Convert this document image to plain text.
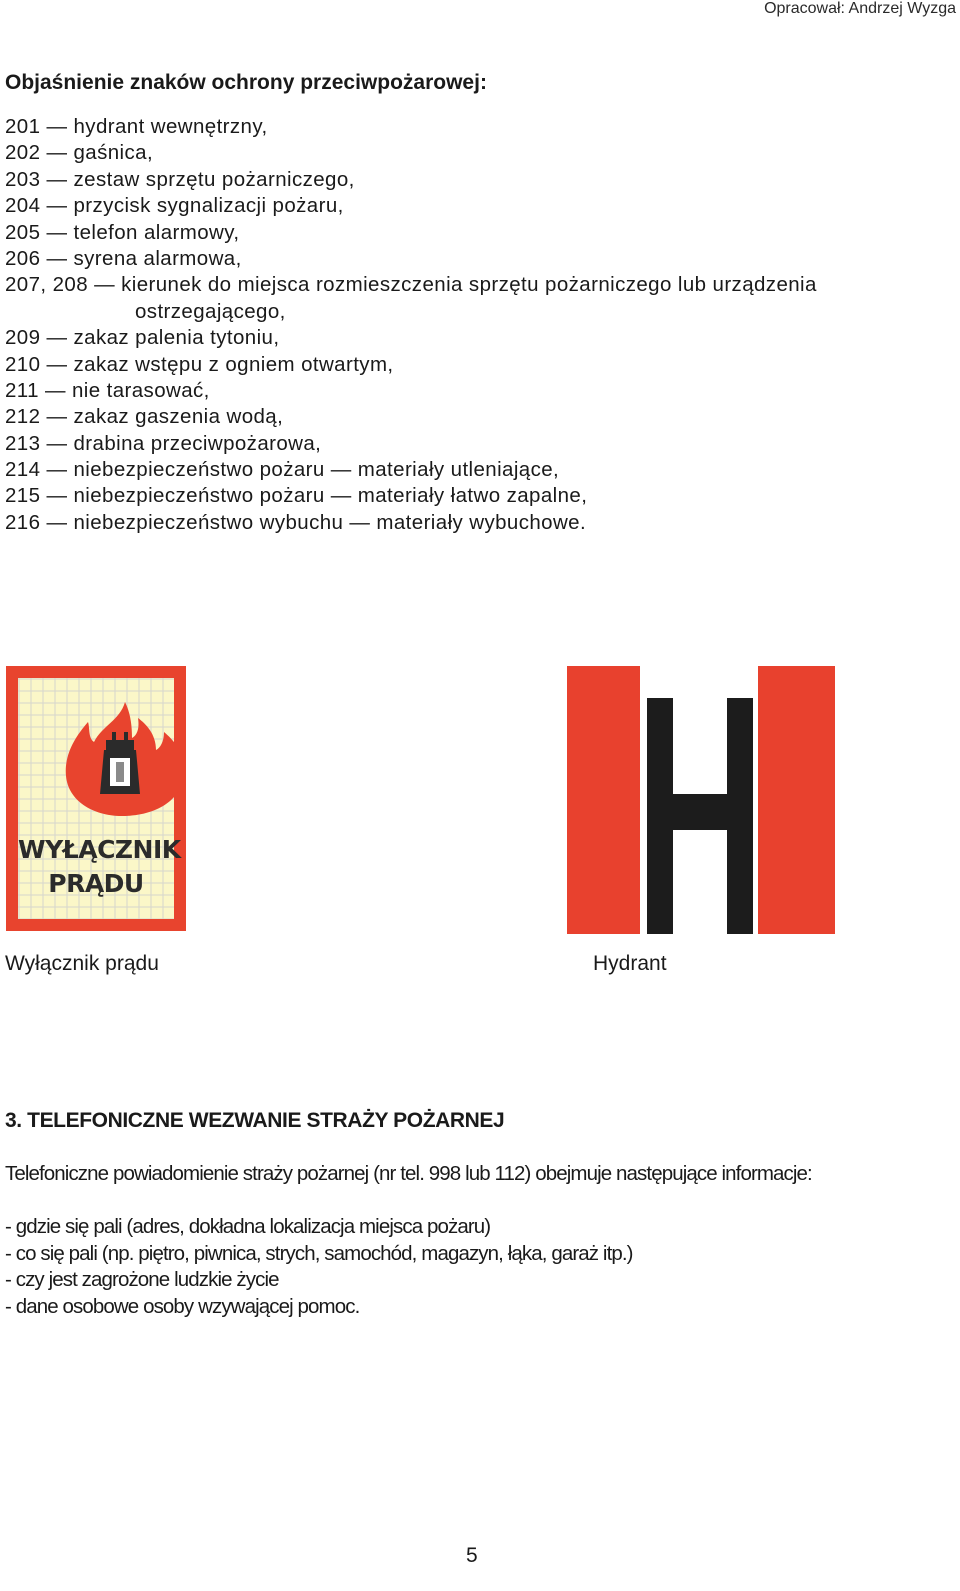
Opracował: Andrzej Wyzga
Objaśnienie znaków ochrony przeciwpożarowej:
201 — hydrant wewnętrzny,
202 — gaśnica,
203 — zestaw sprzętu pożarniczego,
204 — przycisk sygnalizacji pożaru,
205 — telefon alarmowy,
206 — syrena alarmowa,
207, 208 — kierunek do miejsca rozmieszczenia sprzętu pożarniczego lub urządzenia
ostrzegającego,
209 — zakaz palenia tytoniu,
210 — zakaz wstępu z ogniem otwartym,
211 — nie tarasować,
212 — zakaz gaszenia wodą,
213 — drabina przeciwpożarowa,
214 — niebezpieczeństwo pożaru — materiały utleniające,
215 — niebezpieczeństwo pożaru — materiały łatwo zapalne,
216 — niebezpieczeństwo wybuchu — materiały wybuchowe.
WYŁĄCZNIK
PRĄDU
Wyłącznik prądu	Hydrant
3. TELEFONICZNE WEZWANIE STRAŻY POŻARNEJ

Telefoniczne powiadomienie straży pożarnej (nr tel. 998 lub 112) obejmuje następujące informacje:

- gdzie się pali (adres, dokładna lokalizacja miejsca pożaru)
- co się pali (np. piętro, piwnica, strych, samochód, magazyn, łąka, garaż itp.)
- czy jest zagrożone ludzkie życie
- dane osobowe osoby wzywającej pomoc.
5
